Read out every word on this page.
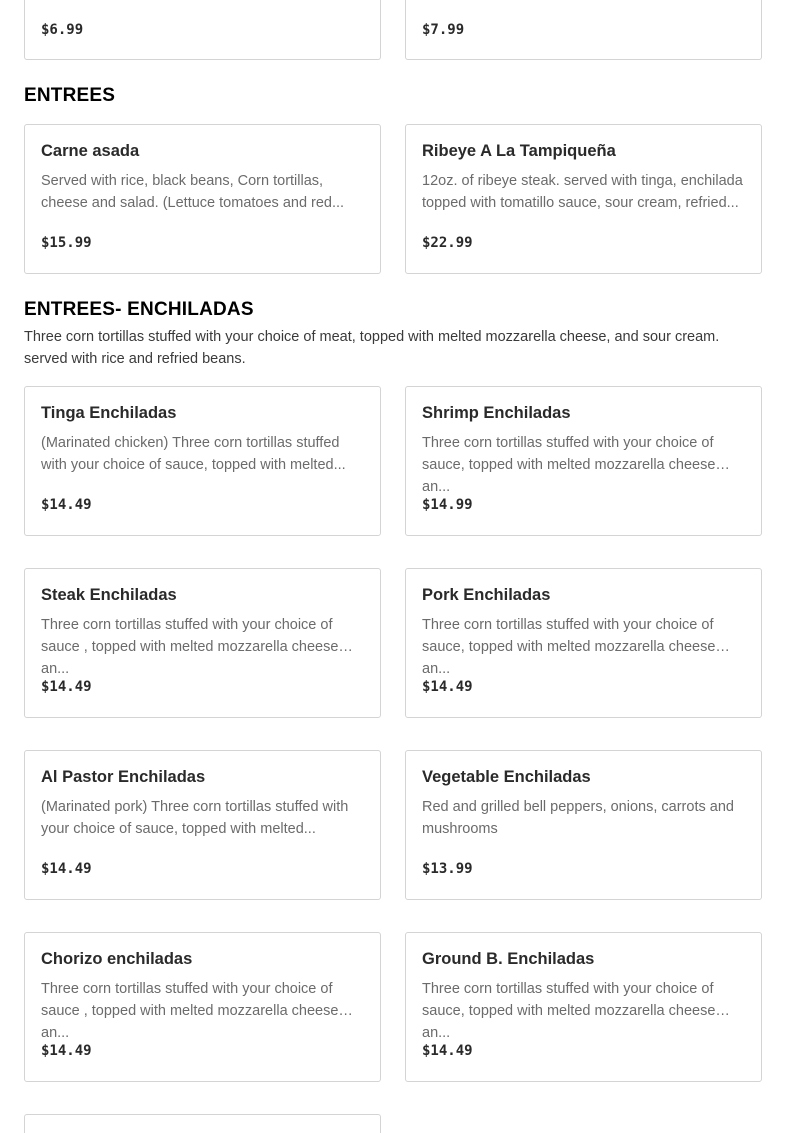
$6.99	$7.99
ENTREES
Carne asada
Served with rice, black beans, Corn tortillas, cheese and salad. (Lettuce tomatoes and red...
$15.99
Ribeye A La Tampiqueña
12oz. of ribeye steak. served with tinga, enchilada topped with tomatillo sauce, sour cream, refried...
$22.99
ENTREES- ENCHILADAS
Three corn tortillas stuffed with your choice of meat, topped with melted mozzarella cheese, and sour cream. served with rice and refried beans.
Tinga Enchiladas
(Marinated chicken) Three corn tortillas stuffed with your choice of sauce, topped with melted...
$14.49
Shrimp Enchiladas
Three corn tortillas stuffed with your choice of sauce, topped with melted mozzarella cheese an...
$14.99
Steak Enchiladas
Three corn tortillas stuffed with your choice of sauce , topped with melted mozzarella cheese an...
$14.49
Pork Enchiladas
Three corn tortillas stuffed with your choice of sauce, topped with melted mozzarella cheese an...
$14.49
Al Pastor Enchiladas
(Marinated pork) Three corn tortillas stuffed with your choice of sauce, topped with melted...
$14.49
Vegetable Enchiladas
Red and grilled bell peppers, onions, carrots and mushrooms
$13.99
Chorizo enchiladas
Three corn tortillas stuffed with your choice of sauce , topped with melted mozzarella cheese an...
$14.49
Ground B. Enchiladas
Three corn tortillas stuffed with your choice of sauce, topped with melted mozzarella cheese an...
$14.49
